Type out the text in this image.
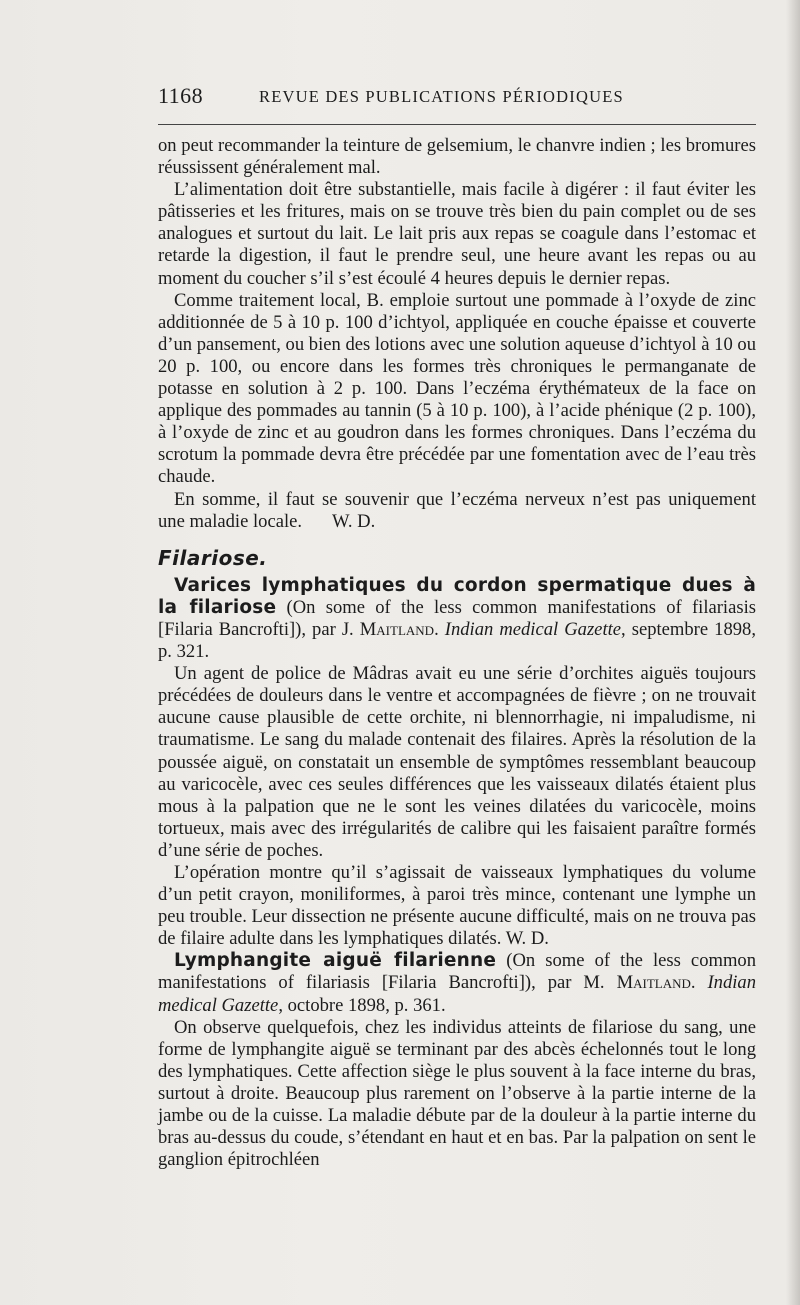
1168	REVUE DES PUBLICATIONS PÉRIODIQUES

on peut recommander la teinture de gelsemium, le chanvre indien ; les bromures réussissent généralement mal.

L’alimentation doit être substantielle, mais facile à digérer : il faut éviter les pâtisseries et les fritures, mais on se trouve très bien du pain complet ou de ses analogues et surtout du lait. Le lait pris aux repas se coagule dans l’estomac et retarde la digestion, il faut le prendre seul, une heure avant les repas ou au moment du coucher s’il s’est écoulé 4 heures depuis le dernier repas.

Comme traitement local, B. emploie surtout une pommade à l’oxyde de zinc additionnée de 5 à 10 p. 100 d’ichtyol, appliquée en couche épaisse et couverte d’un pansement, ou bien des lotions avec une solution aqueuse d’ichtyol à 10 ou 20 p. 100, ou encore dans les formes très chroniques le permanganate de potasse en solution à 2 p. 100. Dans l’eczéma érythémateux de la face on applique des pommades au tannin (5 à 10 p. 100), à l’acide phénique (2 p. 100), à l’oxyde de zinc et au goudron dans les formes chroniques. Dans l’eczéma du scrotum la pommade devra être précédée par une fomentation avec de l’eau très chaude.

En somme, il faut se souvenir que l’eczéma nerveux n’est pas uniquement une maladie locale. W. D.

Filariose.

Varices lymphatiques du cordon spermatique dues à la filariose (On some of the less common manifestations of filariasis [Filaria Bancrofti]), par J. Maitland. Indian medical Gazette, septembre 1898, p. 321.

Un agent de police de Mâdras avait eu une série d’orchites aiguës toujours précédées de douleurs dans le ventre et accompagnées de fièvre ; on ne trouvait aucune cause plausible de cette orchite, ni blennorrhagie, ni impaludisme, ni traumatisme. Le sang du malade contenait des filaires. Après la résolution de la poussée aiguë, on constatait un ensemble de symptômes ressemblant beaucoup au varicocèle, avec ces seules différences que les vaisseaux dilatés étaient plus mous à la palpation que ne le sont les veines dilatées du varicocèle, moins tortueux, mais avec des irrégularités de calibre qui les faisaient paraître formés d’une série de poches.

L’opération montre qu’il s’agissait de vaisseaux lymphatiques du volume d’un petit crayon, moniliformes, à paroi très mince, contenant une lymphe un peu trouble. Leur dissection ne présente aucune difficulté, mais on ne trouva pas de filaire adulte dans les lymphatiques dilatés. W. D.

Lymphangite aiguë filarienne (On some of the less common manifestations of filariasis [Filaria Bancrofti]), par M. Maitland. Indian medical Gazette, octobre 1898, p. 361.

On observe quelquefois, chez les individus atteints de filariose du sang, une forme de lymphangite aiguë se terminant par des abcès échelonnés tout le long des lymphatiques. Cette affection siège le plus souvent à la face interne du bras, surtout à droite. Beaucoup plus rarement on l’observe à la partie interne de la jambe ou de la cuisse. La maladie débute par de la douleur à la partie interne du bras au-dessus du coude, s’étendant en haut et en bas. Par la palpation on sent le ganglion épitrochléen
